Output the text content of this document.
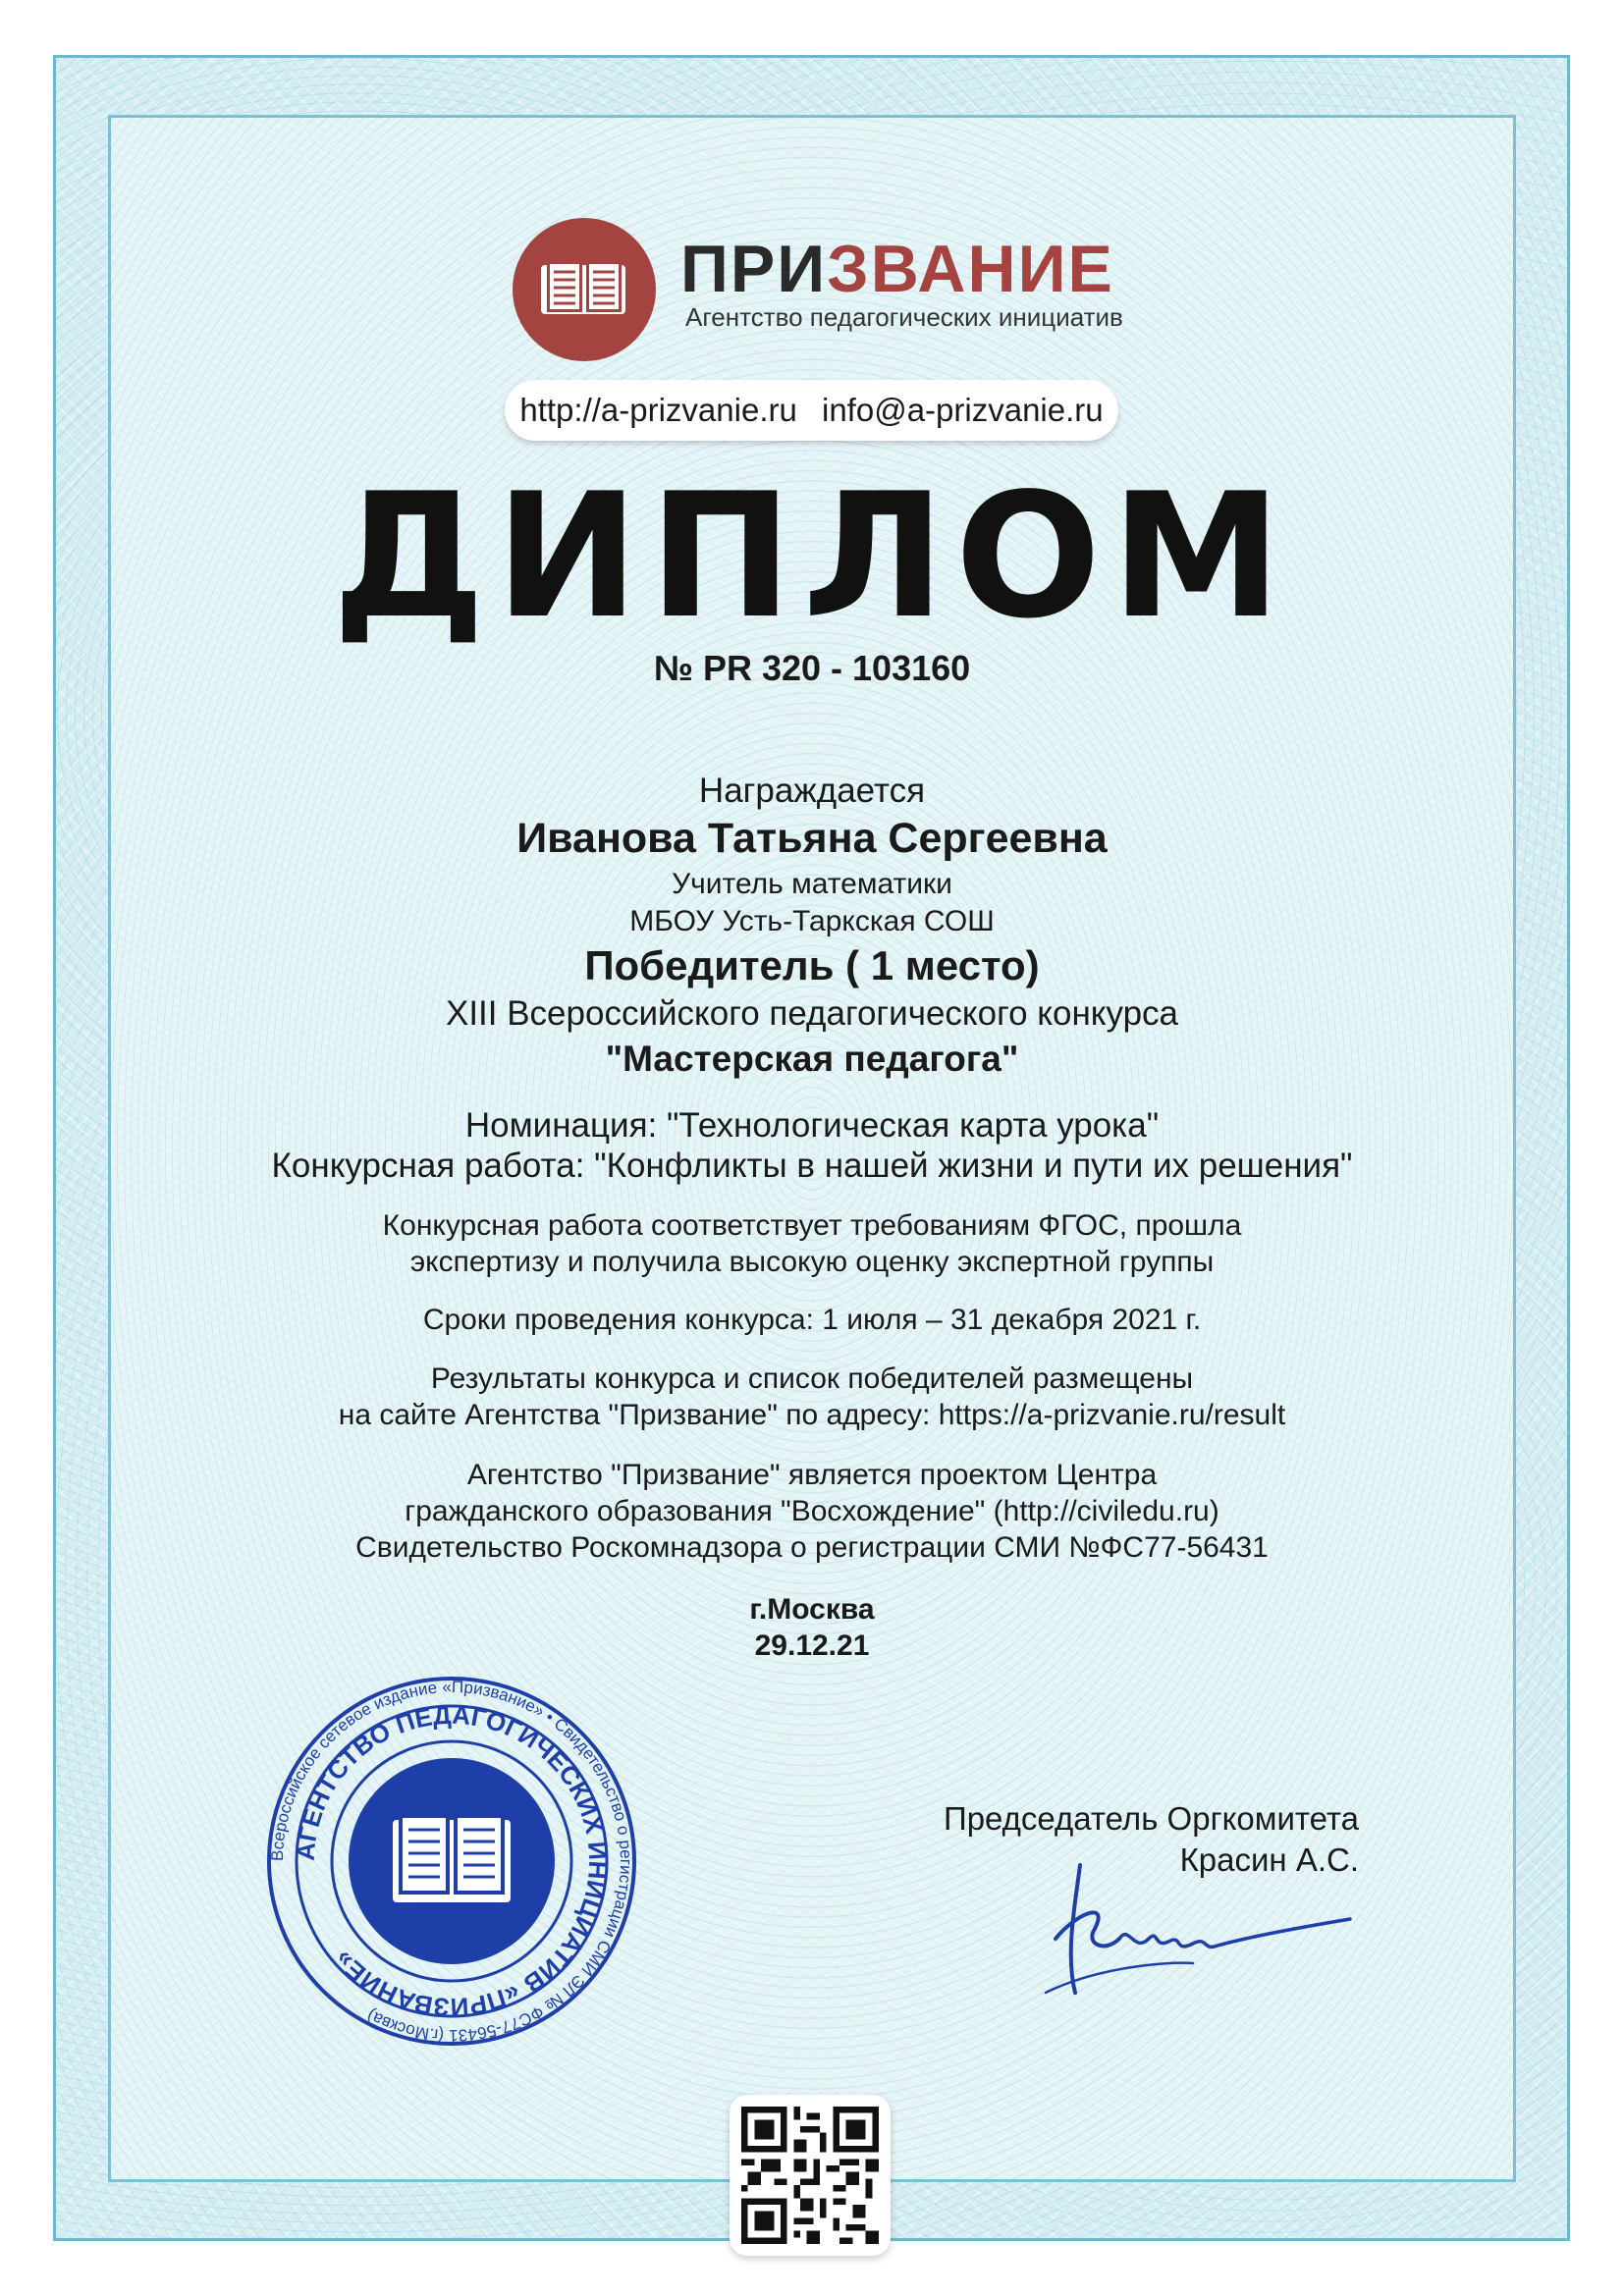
ПРИЗВАНИЕ
Агентство педагогических инициатив
http://a-prizvanie.ru info@a-prizvanie.ru
ДИПЛОМ
№ PR 320 - 103160
Награждается
Иванова Татьяна Сергеевна
Учитель математики
МБОУ Усть-Таркская СОШ
Победитель ( 1 место)
XIII Всероссийского педагогического конкурса
"Мастерская педагога"
Номинация: "Технологическая карта урока"
Конкурсная работа: "Конфликты в нашей жизни и пути их решения"
Конкурсная работа соответствует требованиям ФГОС, прошла
экспертизу и получила высокую оценку экспертной группы
Сроки проведения конкурса: 1 июля – 31 декабря 2021 г.
Результаты конкурса и список победителей размещены
на сайте Агентства "Призвание" по адресу: https://a-prizvanie.ru/result
Агентство "Призвание" является проектом Центра
гражданского образования "Восхождение" (http://civiledu.ru)
Свидетельство Роскомнадзора о регистрации СМИ №ФС77-56431
г.Москва
29.12.21
Всероссийское сетевое издание «Призвание» • Свидетельство о регистрации СМИ ЭЛ № ФС77-56431 (г.Москва)
АГЕНТСТВО ПЕДАГОГИЧЕСКИХ ИНИЦИАТИВ «ПРИЗВАНИЕ»
Председатель Оргкомитета
Красин А.С.
